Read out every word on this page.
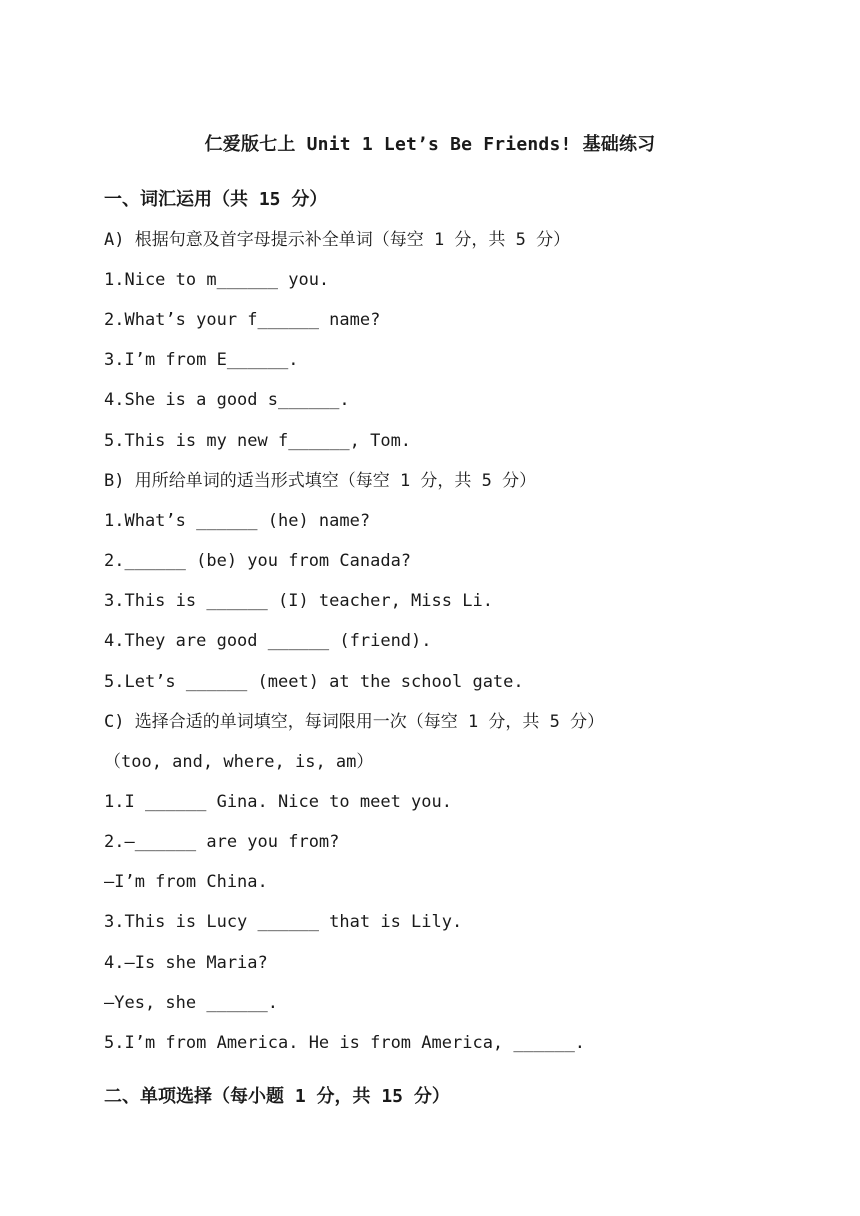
仁爱版七上 Unit 1 Let’s Be Friends! 基础练习
一、词汇运用（共 15 分）
A) 根据句意及首字母提示补全单词（每空 1 分，共 5 分）
1.Nice to m______ you.
2.What’s your f______ name?
3.I’m from E______.
4.She is a good s______.
5.This is my new f______, Tom.
B) 用所给单词的适当形式填空（每空 1 分，共 5 分）
1.What’s ______ (he) name?
2.______ (be) you from Canada?
3.This is ______ (I) teacher, Miss Li.
4.They are good ______ (friend).
5.Let’s ______ (meet) at the school gate.
C) 选择合适的单词填空，每词限用一次（每空 1 分，共 5 分）
（too, and, where, is, am）
1.I ______ Gina. Nice to meet you.
2.—______ are you from?
—I’m from China.
3.This is Lucy ______ that is Lily.
4.—Is she Maria?
—Yes, she ______.
5.I’m from America. He is from America, ______.
二、单项选择（每小题 1 分，共 15 分）
